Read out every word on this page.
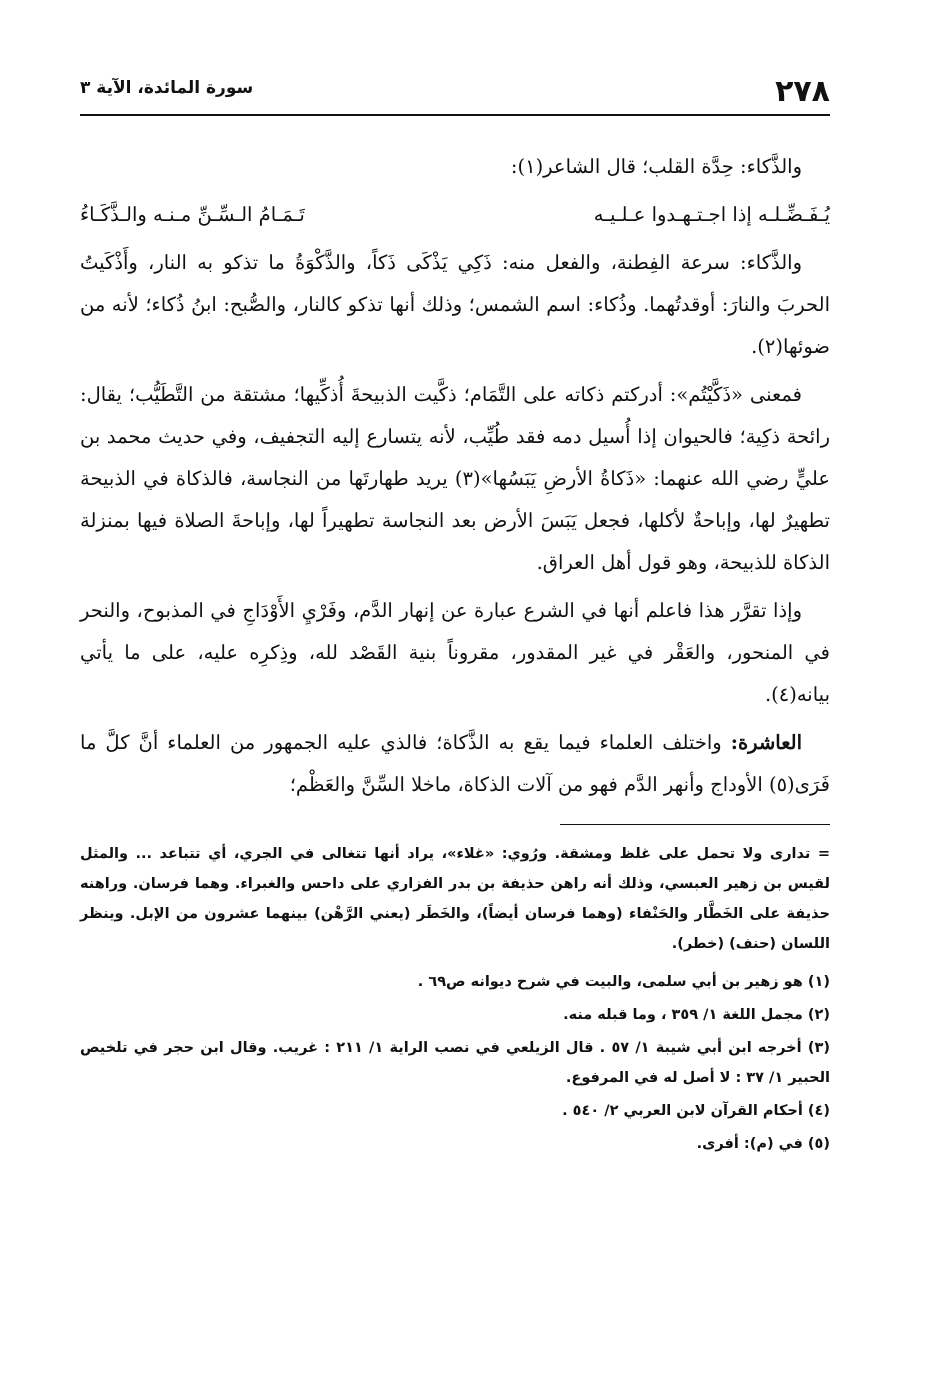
٢٧٨
سورة المائدة، الآية ٣

والذَّكاء: حِدَّة القلب؛ قال الشاعر(١):

يُـفَـضِّـلـه إذا اجـتـهـدوا عـلـيـه
تَـمَـامُ الـسِّـنِّ مـنـه والـذَّكَـاءُ

والذَّكاء: سرعة الفِطنة، والفعل منه: ذَكِي يَذْكَى ذَكاً، والذَّكْوَةُ ما تذكو به النار، وأَذْكَيتُ الحربَ والنارَ: أوقدتُهما. وذُكاء: اسم الشمس؛ وذلك أنها تذكو كالنار، والصُّبح: ابنُ ذُكاء؛ لأنه من ضوئها(٢).

فمعنى «ذَكَّيْتُم»: أدركتم ذكاته على التَّمَام؛ ذكَّيت الذبيحةَ أُذكِّيها؛ مشتقة من التَّطَيُّب؛ يقال: رائحة ذكِية؛ فالحيوان إذا أُسيل دمه فقد طُيِّب، لأنه يتسارع إليه التجفيف، وفي حديث محمد بن عليٍّ رضي الله عنهما: «ذَكاةُ الأرضِ يَبَسُها»(٣) يريد طهارتَها من النجاسة، فالذكاة في الذبيحة تطهيرٌ لها، وإباحةٌ لأكلها، فجعل يَبَسَ الأرض بعد النجاسة تطهيراً لها، وإباحةَ الصلاة فيها بمنزلة الذكاة للذبيحة، وهو قول أهل العراق.

وإذا تقرَّر هذا فاعلم أنها في الشرع عبارة عن إنهار الدَّم، وفَرْيِ الأَوْدَاجِ في المذبوح، والنحر في المنحور، والعَقْر في غير المقدور، مقروناً بنية القَصْد لله، وذِكرِه عليه، على ما يأتي بيانه(٤).

العاشرة: واختلف العلماء فيما يقع به الذَّكاة؛ فالذي عليه الجمهور من العلماء أنَّ كلَّ ما فَرَى(٥) الأوداج وأنهر الدَّم فهو من آلات الذكاة، ماخلا السِّنَّ والعَظْم؛

= تدارى ولا تحمل على غلظ ومشقة. ورُوي: «غلاء»، يراد أنها تتغالى في الجري، أي تتباعد ... والمثل لقيس بن زهير العبسي، وذلك أنه راهن حذيفة بن بدر الفزاري على داحس والغبراء. وهما فرسان. وراهنه حذيفة على الخَطَّار والحَنْفاء (وهما فرسان أيضاً)، والخَطَر (يعني الرَّهْن) بينهما عشرون من الإبل. وينظر اللسان (حنف) (خطر).

(١) هو زهير بن أبي سلمى، والبيت في شرح ديوانه ص٦٩ .

(٢) مجمل اللغة ١/ ٣٥٩ ، وما قبله منه.

(٣) أخرجه ابن أبي شيبة ١/ ٥٧ . قال الزيلعي في نصب الراية ١/ ٢١١ : غريب. وقال ابن حجر في تلخيص الحبير ١/ ٣٧ : لا أصل له في المرفوع.

(٤) أحكام القرآن لابن العربي ٢/ ٥٤٠ .

(٥) في (م): أفرى.
